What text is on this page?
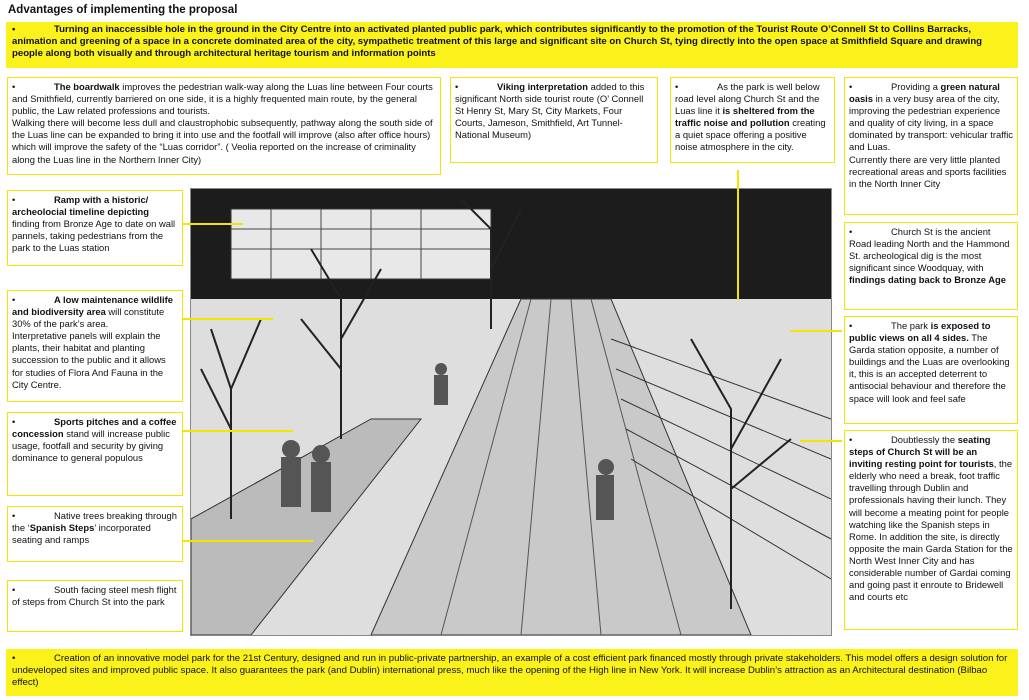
Advantages of implementing the proposal
•	Turning an inaccessible hole in the ground in the City Centre into an activated planted public park, which contributes significantly to the promotion of the Tourist Route O’Connell St to Collins Barracks, animation and greening of a space in a concrete dominated area of the city, sympathetic treatment of this large and significant site on Church St, tying directly into the open space at Smithfield Square and drawing people along both visually and through architectural heritage tourism and information points
•	The boardwalk improves the pedestrian walk-way along the Luas line between Four courts and Smithfield, currently barriered on one side, it is a highly frequented main route, by the general public, the Law related professions and tourists.
Walking there will become less dull and claustrophobic subsequently, pathway along the south side of the Luas line can be expanded to bring it into use and the footfall will improve (also after office hours) which will improve the safety of the “Luas corridor”. ( Veolia reported on the increase of criminality along the Luas line in the Northern Inner City)
•	Viking interpretation added to this significant North side tourist route (O’ Connell St Henry St, Mary St, City Markets, Four Courts, Jameson, Smithfield, Art Tunnel- National Museum)
•	As the park is well below road level along Church St and the Luas line it is sheltered from the traffic noise and pollution creating a quiet space offering a positive noise atmosphere in the city.
•	Providing a green natural oasis in a very busy area of the city, improving the pedestrian experience and quality of city living, in a space dominated by transport: vehicular traffic and Luas.
Currently there are very little planted recreational areas and sports facilities in the North Inner City
•	Ramp with a historic/ archeolocial timeline depicting finding from Bronze Age to date on wall pannels, taking pedestrians from the park to the Luas station
•	Church St is the ancient Road leading North and the Hammond St. archeological dig is the most significant since Woodquay, with findings dating back to Bronze Age
•	A low maintenance wildlife and biodiversity area will constitute 30% of the park’s area.
Interpretative panels will explain the plants, their habitat and planting succession to the public and it allows for studies of Flora And Fauna in the City Centre.
•	The park is exposed to public views on all 4 sides. The Garda station opposite, a number of buildings and the Luas are overlooking it, this is an accepted deterrent to antisocial behaviour and therefore the space will look and feel safe
•	Sports pitches and a coffee concession stand will increase public usage, footfall and security by giving dominance to general populous
•	Doubtlessly the seating steps of Church St will be an inviting resting point for tourists, the elderly who need a break, foot traffic travelling through Dublin and professionals having their lunch. They will become a meating point for people watching like the Spanish steps in Rome. In addition the site, is directly opposite the main Garda Station for the North West Inner City and has considerable number of Gardai coming and going past it enroute to Bridewell and courts etc
•	Native trees breaking through the ‘Spanish Steps’ incorporated seating and ramps
•	South facing steel mesh flight of steps from Church St into the park
•	Creation of an innovative model park for the 21st Century, designed and run in public-private partnership, an example of a cost efficient park financed mostly through private stakeholders. This model offers a design solution for undeveloped sites and improved public space. It also guarantees the park (and Dublin) international press, much like the opening of the High line in New York. It will increase Dublin’s attraction as an Architectural destination (Bilbao effect)
